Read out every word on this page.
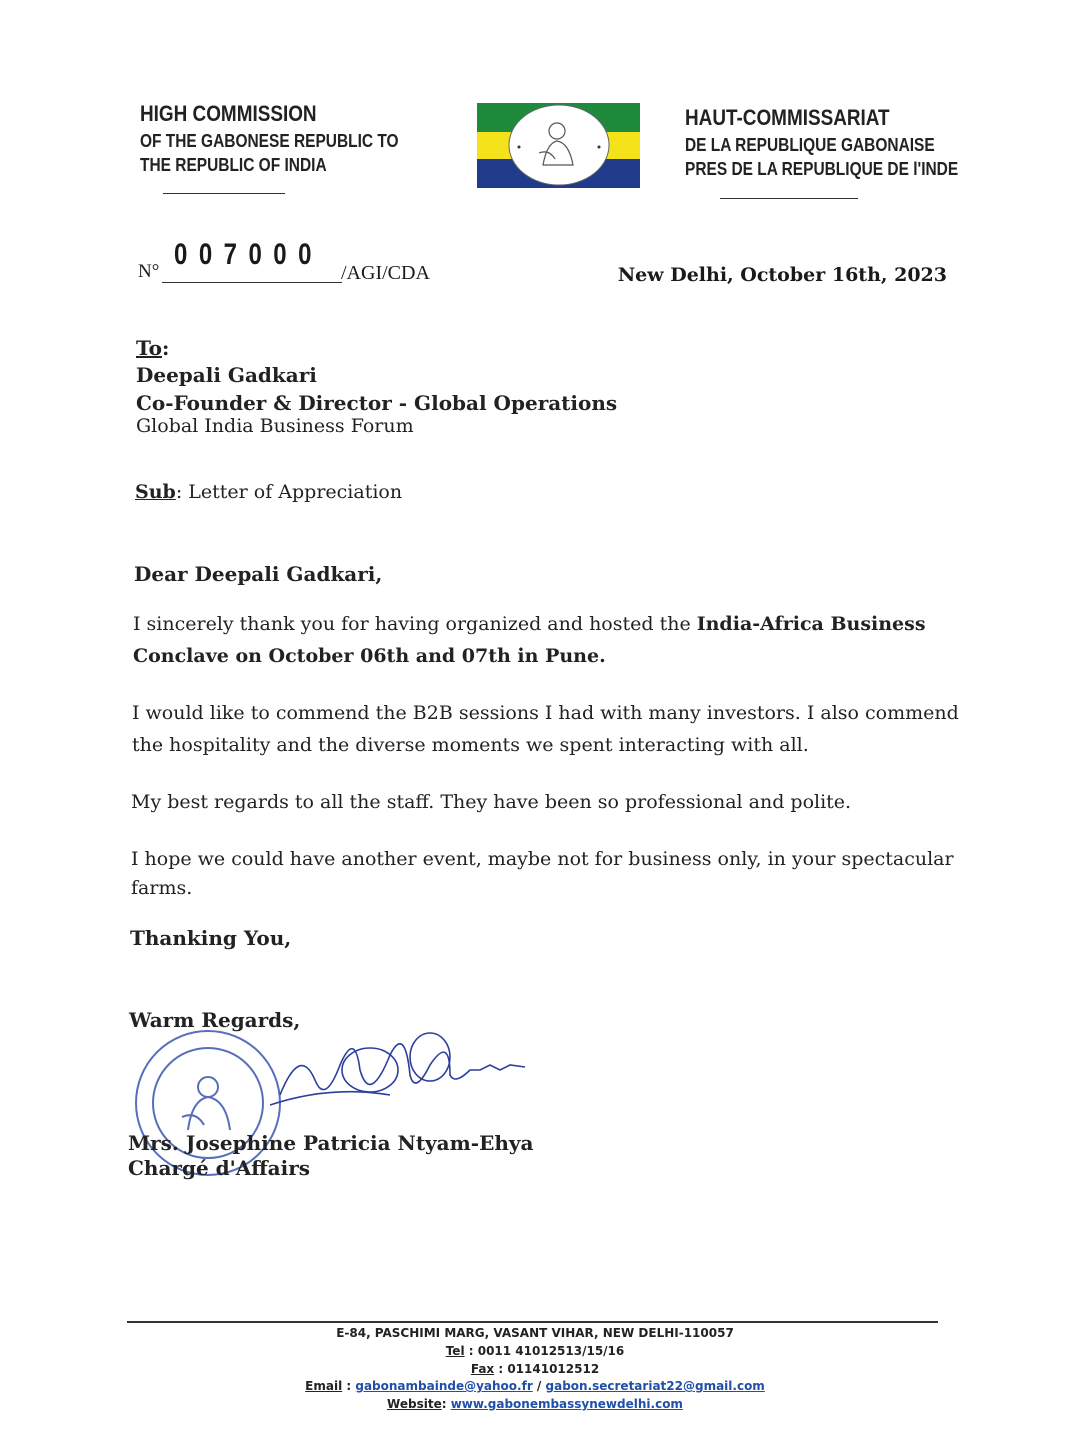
HIGH COMMISSION
OF THE GABONESE REPUBLIC TO
THE REPUBLIC OF INDIA
HAUT-COMMISSARIAT
DE LA REPUBLIQUE GABONAISE
PRES DE LA REPUBLIQUE DE l'INDE
N°
0 0 7 0 0 0
/AGI/CDA	New Delhi, October 16th, 2023
To:
Deepali Gadkari
Co-Founder & Director - Global Operations
Global India Business Forum
Sub: Letter of Appreciation
Dear Deepali Gadkari,
I sincerely thank you for having organized and hosted the India-Africa Business
Conclave on October 06th and 07th in Pune.
I would like to commend the B2B sessions I had with many investors. I also commend
the hospitality and the diverse moments we spent interacting with all.
My best regards to all the staff. They have been so professional and polite.
I hope we could have another event, maybe not for business only, in your spectacular
farms.
Thanking You,
Warm Regards,
Mrs. Josephine Patricia Ntyam-Ehya
Chargé d'Affairs
E-84, PASCHIMI MARG, VASANT VIHAR, NEW DELHI-110057
Tel : 0011 41012513/15/16
Fax : 01141012512
Email : gabonambainde@yahoo.fr / gabon.secretariat22@gmail.com
Website: www.gabonembassynewdelhi.com
